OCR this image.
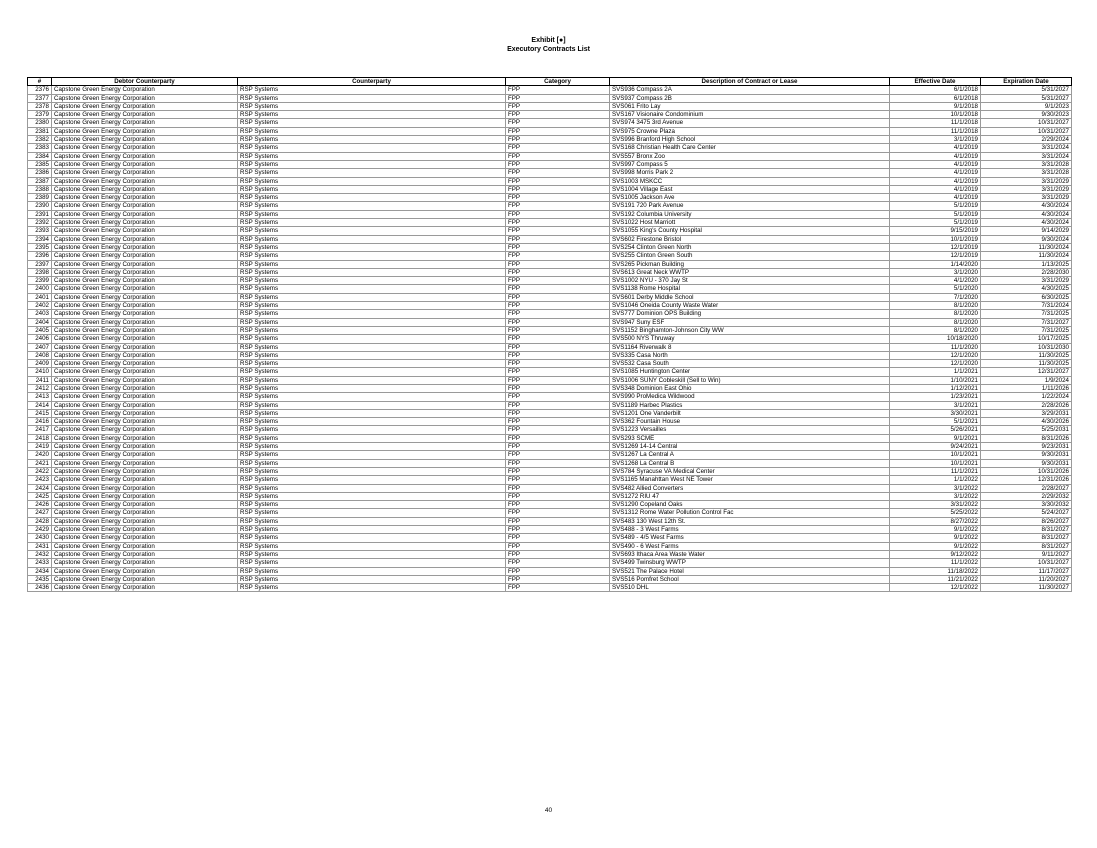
Exhibit [●]
Executory Contracts List
#	Debtor Counterparty	Counterparty	Category	Description of Contract or Lease	Effective Date	Expiration Date
2376	Capstone Green Energy Corporation	RSP Systems	FPP	SVS936 Compass 2A	6/1/2018	5/31/2027
2377	Capstone Green Energy Corporation	RSP Systems	FPP	SVS937 Compass 2B	6/1/2018	5/31/2027
2378	Capstone Green Energy Corporation	RSP Systems	FPP	SVS061 Frito Lay	9/1/2018	9/1/2023
2379	Capstone Green Energy Corporation	RSP Systems	FPP	SVS167 Visionaire Condominium	10/1/2018	9/30/2023
2380	Capstone Green Energy Corporation	RSP Systems	FPP	SVS974 3475 3rd Avenue	11/1/2018	10/31/2027
2381	Capstone Green Energy Corporation	RSP Systems	FPP	SVS975 Crowne Plaza	11/1/2018	10/31/2027
2382	Capstone Green Energy Corporation	RSP Systems	FPP	SVS996 Branford High School	3/1/2019	2/29/2024
2383	Capstone Green Energy Corporation	RSP Systems	FPP	SVS168 Christian Health Care Center	4/1/2019	3/31/2024
2384	Capstone Green Energy Corporation	RSP Systems	FPP	SVS557 Bronx Zoo	4/1/2019	3/31/2024
2385	Capstone Green Energy Corporation	RSP Systems	FPP	SVS997 Compass 5	4/1/2019	3/31/2028
2386	Capstone Green Energy Corporation	RSP Systems	FPP	SVS998 Morris Park 2	4/1/2019	3/31/2028
2387	Capstone Green Energy Corporation	RSP Systems	FPP	SVS1003 MSKCC	4/1/2019	3/31/2029
2388	Capstone Green Energy Corporation	RSP Systems	FPP	SVS1004 Village East	4/1/2019	3/31/2029
2389	Capstone Green Energy Corporation	RSP Systems	FPP	SVS1005 Jackson Ave	4/1/2019	3/31/2029
2390	Capstone Green Energy Corporation	RSP Systems	FPP	SVS191 720 Park Avenue	5/1/2019	4/30/2024
2391	Capstone Green Energy Corporation	RSP Systems	FPP	SVS192 Columbia University	5/1/2019	4/30/2024
2392	Capstone Green Energy Corporation	RSP Systems	FPP	SVS1022 Host Marriott	5/1/2019	4/30/2024
2393	Capstone Green Energy Corporation	RSP Systems	FPP	SVS1055 King's County Hospital	9/15/2019	9/14/2029
2394	Capstone Green Energy Corporation	RSP Systems	FPP	SVS602 Firestone Bristol	10/1/2019	9/30/2024
2395	Capstone Green Energy Corporation	RSP Systems	FPP	SVS254 Clinton Green North	12/1/2019	11/30/2024
2396	Capstone Green Energy Corporation	RSP Systems	FPP	SVS255 Clinton Green South	12/1/2019	11/30/2024
2397	Capstone Green Energy Corporation	RSP Systems	FPP	SVS265 Pickman Building	1/14/2020	1/13/2025
2398	Capstone Green Energy Corporation	RSP Systems	FPP	SVS613 Great Neck WWTP	3/1/2020	2/28/2030
2399	Capstone Green Energy Corporation	RSP Systems	FPP	SVS1002 NYU - 370 Jay St	4/1/2020	3/31/2029
2400	Capstone Green Energy Corporation	RSP Systems	FPP	SVS1138 Rome Hospital	5/1/2020	4/30/2025
2401	Capstone Green Energy Corporation	RSP Systems	FPP	SVS601 Derby Middle School	7/1/2020	6/30/2025
2402	Capstone Green Energy Corporation	RSP Systems	FPP	SVS1046 Oneida County Waste Water	8/1/2020	7/31/2024
2403	Capstone Green Energy Corporation	RSP Systems	FPP	SVS777 Dominion OPS Building	8/1/2020	7/31/2025
2404	Capstone Green Energy Corporation	RSP Systems	FPP	SVS947 Suny ESF	8/1/2020	7/31/2027
2405	Capstone Green Energy Corporation	RSP Systems	FPP	SVS1152 Binghamton-Johnson City WW	8/1/2020	7/31/2025
2406	Capstone Green Energy Corporation	RSP Systems	FPP	SVS500 NYS Thruway	10/18/2020	10/17/2025
2407	Capstone Green Energy Corporation	RSP Systems	FPP	SVS1164 Riverwalk 8	11/1/2020	10/31/2030
2408	Capstone Green Energy Corporation	RSP Systems	FPP	SVS335 Casa North	12/1/2020	11/30/2025
2409	Capstone Green Energy Corporation	RSP Systems	FPP	SVS532 Casa South	12/1/2020	11/30/2025
2410	Capstone Green Energy Corporation	RSP Systems	FPP	SVS1085 Huntington Center	1/1/2021	12/31/2027
2411	Capstone Green Energy Corporation	RSP Systems	FPP	SVS1006 SUNY Cobleskill (Sell to Win)	1/10/2021	1/9/2024
2412	Capstone Green Energy Corporation	RSP Systems	FPP	SVS348 Dominion East Ohio	1/12/2021	1/11/2026
2413	Capstone Green Energy Corporation	RSP Systems	FPP	SVS990 ProMedica Wildwood	1/23/2021	1/22/2024
2414	Capstone Green Energy Corporation	RSP Systems	FPP	SVS1189 Harbec Plastics	3/1/2021	2/28/2026
2415	Capstone Green Energy Corporation	RSP Systems	FPP	SVS1201 One Vanderbilt	3/30/2021	3/29/2031
2416	Capstone Green Energy Corporation	RSP Systems	FPP	SVS362 Fountain House	5/1/2021	4/30/2026
2417	Capstone Green Energy Corporation	RSP Systems	FPP	SVS1223 Versailles	5/26/2021	5/25/2031
2418	Capstone Green Energy Corporation	RSP Systems	FPP	SVS293 SCME	9/1/2021	8/31/2026
2419	Capstone Green Energy Corporation	RSP Systems	FPP	SVS1269 14-14 Central	9/24/2021	9/23/2031
2420	Capstone Green Energy Corporation	RSP Systems	FPP	SVS1267 La Central A	10/1/2021	9/30/2031
2421	Capstone Green Energy Corporation	RSP Systems	FPP	SVS1268 La Central B	10/1/2021	9/30/2031
2422	Capstone Green Energy Corporation	RSP Systems	FPP	SVS784 Syracuse VA Medical Center	11/1/2021	10/31/2026
2423	Capstone Green Energy Corporation	RSP Systems	FPP	SVS1165 Manahttan West NE Tower	1/1/2022	12/31/2026
2424	Capstone Green Energy Corporation	RSP Systems	FPP	SVS482 Allied Converters	3/1/2022	2/28/2027
2425	Capstone Green Energy Corporation	RSP Systems	FPP	SVS1272 RIU 47	3/1/2022	2/29/2032
2426	Capstone Green Energy Corporation	RSP Systems	FPP	SVS1290 Copeland Oaks	3/31/2022	3/30/2032
2427	Capstone Green Energy Corporation	RSP Systems	FPP	SVS1312 Rome Water Pollution Control Fac	5/25/2022	5/24/2027
2428	Capstone Green Energy Corporation	RSP Systems	FPP	SVS483 130 West 12th St.	8/27/2022	8/26/2027
2429	Capstone Green Energy Corporation	RSP Systems	FPP	SVS488 - 3 West Farms	9/1/2022	8/31/2027
2430	Capstone Green Energy Corporation	RSP Systems	FPP	SVS489 - 4/5 West Farms	9/1/2022	8/31/2027
2431	Capstone Green Energy Corporation	RSP Systems	FPP	SVS490 - 6 West Farms	9/1/2022	8/31/2027
2432	Capstone Green Energy Corporation	RSP Systems	FPP	SVS693 Ithaca Area Waste Water	9/12/2022	9/11/2027
2433	Capstone Green Energy Corporation	RSP Systems	FPP	SVS499 Twinsburg WWTP	11/1/2022	10/31/2027
2434	Capstone Green Energy Corporation	RSP Systems	FPP	SVS521 The Palace Hotel	11/18/2022	11/17/2027
2435	Capstone Green Energy Corporation	RSP Systems	FPP	SVS516 Pomfret School	11/21/2022	11/20/2027
2436	Capstone Green Energy Corporation	RSP Systems	FPP	SVS510 DHL	12/1/2022	11/30/2027
40
